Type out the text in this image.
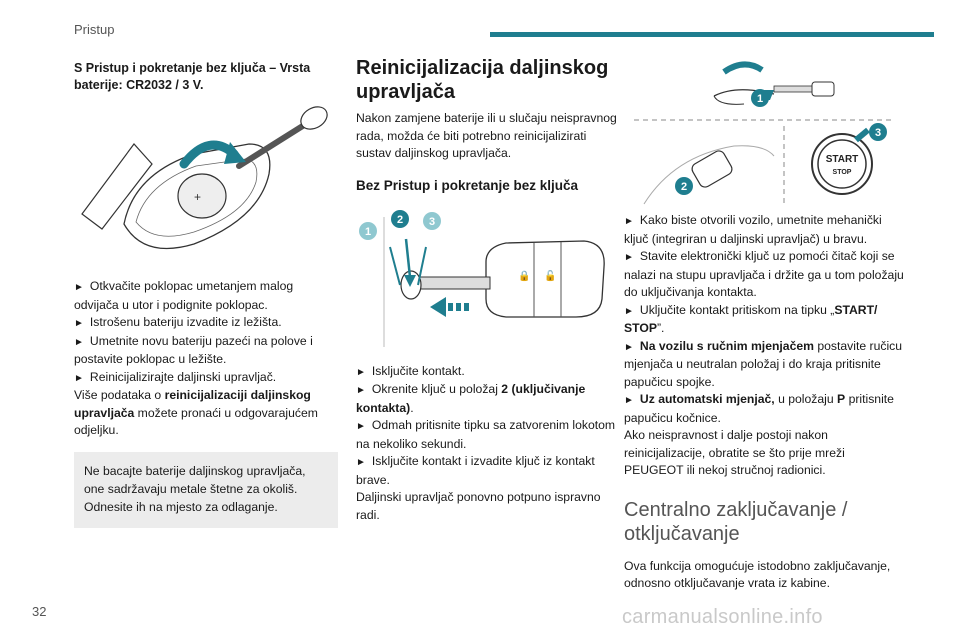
Pristup
S Pristup i pokretanje bez ključa – Vrsta baterije: CR2032 / 3 V.
+

► Otkvačite poklopac umetanjem malog odvijača u utor i podignite poklopac.

► Istrošenu bateriju izvadite iz ležišta.

► Umetnite novu bateriju pazeći na polove i postavite poklopac u ležište.

► Reinicijalizirajte daljinski upravljač.

Više podataka o reinicijalizaciji daljinskog upravljača možete pronaći u odgovarajućem odjeljku.

Ne bacajte baterije daljinskog upravljača, one sadržavaju metale štetne za okoliš. Odnesite ih na mjesto za odlaganje.

Reinicijalizacija daljinskog upravljača

Nakon zamjene baterije ili u slučaju neispravnog rada, možda će biti potrebno reinicijalizirati sustav daljinskog upravljača.

Bez Pristup i pokretanje bez ključa
🔒 🔓
1
2 3

► Isključite kontakt.

► Okrenite ključ u položaj 2 (uključivanje kontakta).

► Odmah pritisnite tipku sa zatvorenim lokotom na nekoliko sekundi.

► Isključite kontakt i izvadite ključ iz kontakt brave.

Daljinski upravljač ponovno potpuno ispravno radi.

1
2
START
STOP
3

► Kako biste otvorili vozilo, umetnite mehanički ključ (integriran u daljinski upravljač) u bravu.

► Stavite elektronički ključ uz pomoći čitač koji se nalazi na stupu upravljača i držite ga u tom položaju do uključivanja kontakta.

► Uključite kontakt pritiskom na tipku „START/ STOP”.

► Na vozilu s ručnim mjenjačem postavite ručicu mjenjača u neutralan položaj i do kraja pritisnite papučicu spojke.

► Uz automatski mjenjač, u položaju P pritisnite papučicu kočnice.

Ako neispravnost i dalje postoji nakon reinicijalizacije, obratite se što prije mreži PEUGEOT ili nekoj stručnoj radionici.

Centralno zaključavanje / otključavanje

Ova funkcija omogućuje istodobno zaključavanje, odnosno otključavanje vrata iz kabine.

32	carmanualsonline.info
